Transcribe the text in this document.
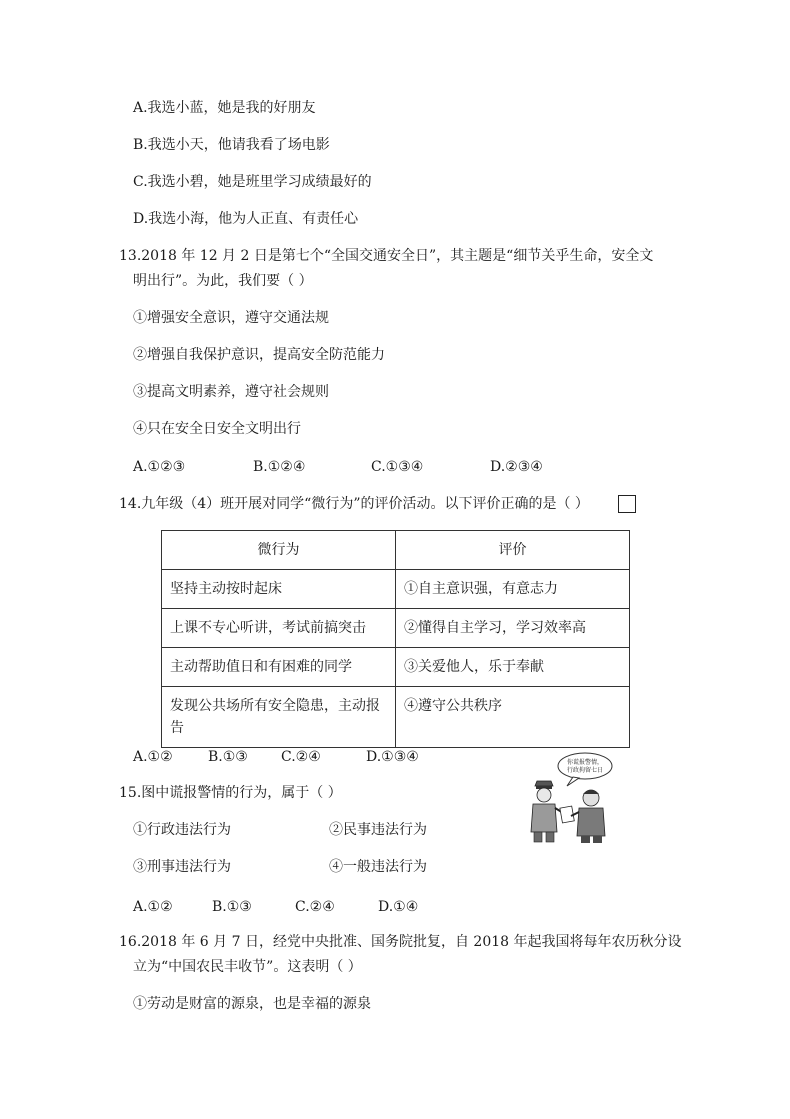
A.我选小蓝，她是我的好朋友
B.我选小天，他请我看了场电影
C.我选小碧，她是班里学习成绩最好的
D.我选小海，他为人正直、有责任心
13.2018 年 12 月 2 日是第七个“全国交通安全日”，其主题是“细节关乎生命，安全文
明出行”。为此，我们要（ ）
①增强安全意识，遵守交通法规
②增强自我保护意识，提高安全防范能力
③提高文明素养，遵守社会规则
④只在安全日安全文明出行
A.①②③	B.①②④	C.①③④	D.②③④
14.九年级（4）班开展对同学“微行为”的评价活动。以下评价正确的是（ ）
微行为	评价
坚持主动按时起床	①自主意识强，有意志力
上课不专心听讲，考试前搞突击	②懂得自主学习，学习效率高
主动帮助值日和有困难的同学	③关爱他人，乐于奉献
发现公共场所有安全隐患，主动报告	④遵守公共秩序
A.①②	B.①③ C.②④	D.①③④
15.图中谎报警情的行为，属于（ ）
①行政违法行为	②民事违法行为
③刑事违法行为	④一般违法行为
A.①②	B.①③	C.②④	D.①④
你谎报警情，
行政拘留七日
16.2018 年 6 月 7 日，经党中央批准、国务院批复，自 2018 年起我国将每年农历秋分设
立为“中国农民丰收节”。这表明（ ）
①劳动是财富的源泉，也是幸福的源泉
